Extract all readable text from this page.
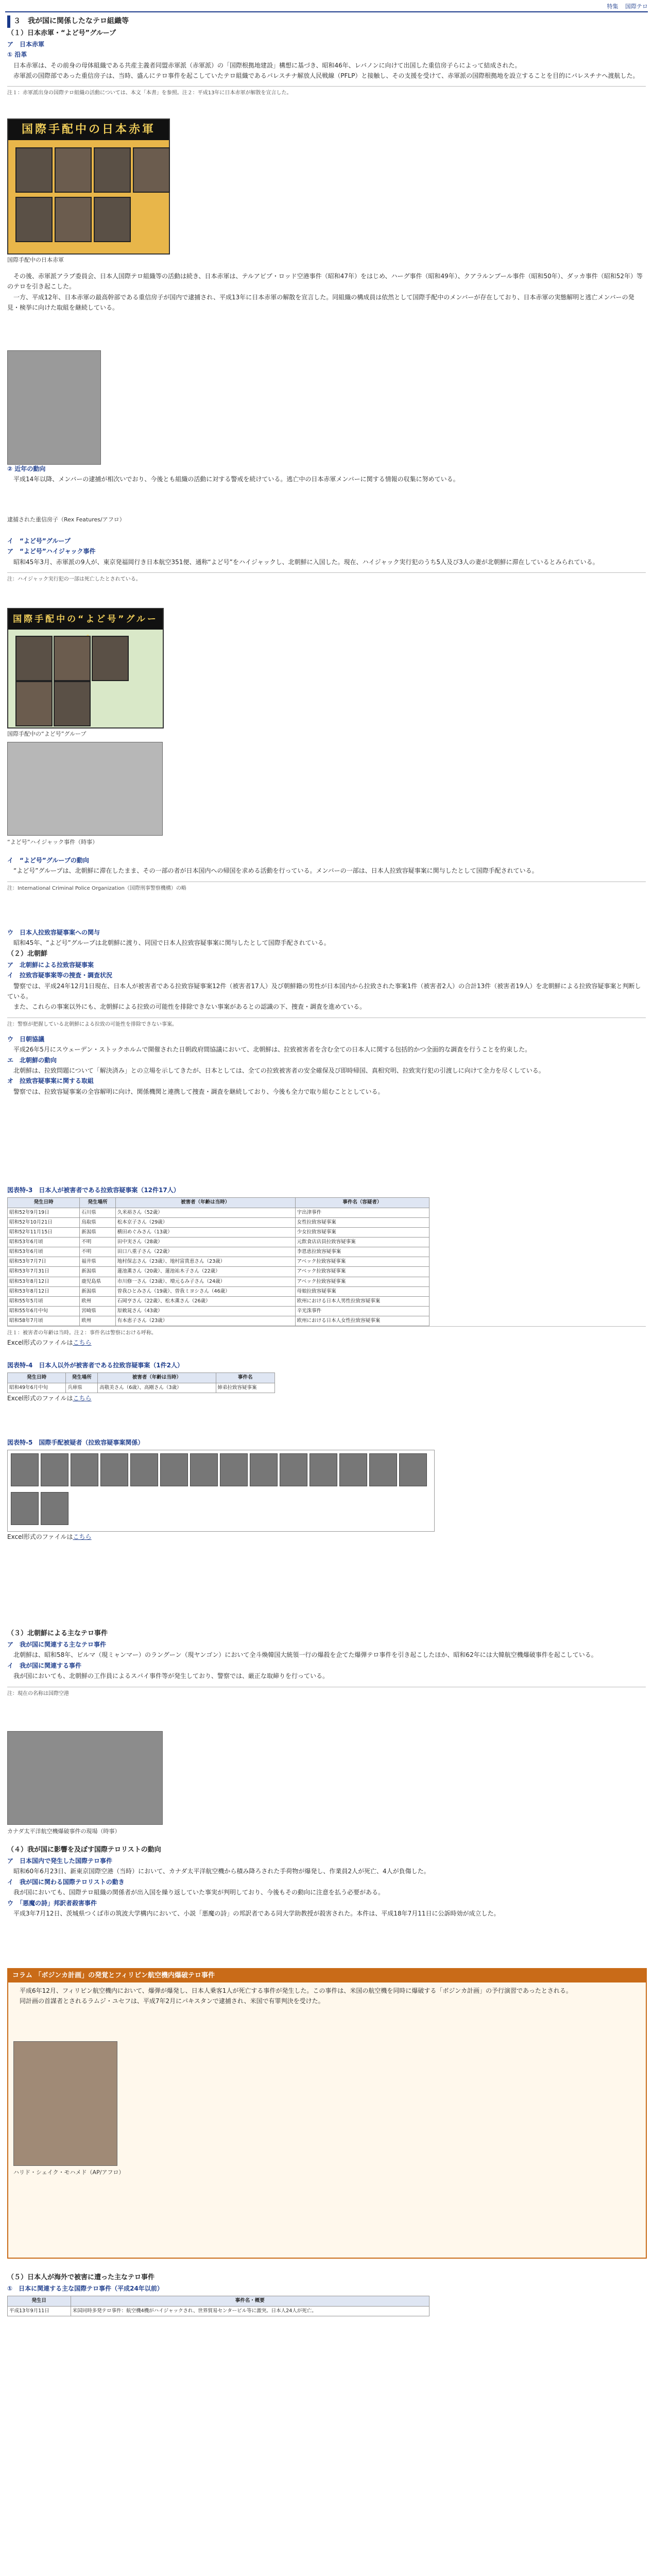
特集 国際テロ

３　我が国に関係したなテロ組織等

（１）日本赤軍・“よど号”グループ

ア　日本赤軍

① 沿革

日本赤軍は、その前身の母体組織である共産主義者同盟赤軍派（赤軍派）の「国際根拠地建設」構想に基づき、昭和46年、レバノンに向けて出国した重信房子らによって結成された。

赤軍派の国際部であった重信房子は、当時、盛んにテロ事件を起こしていたテロ組織であるパレスチナ解放人民戦線（PFLP）と接触し、その支援を受けて、赤軍派の国際根拠地を設立することを目的にパレスチナへ渡航した。

注１：赤軍派出身の国際テロ組織の活動については、本文「本書」を参照。注２：平成13年に日本赤軍が解散を宣言した。

国際手配中の日本赤軍
国際手配中の日本赤軍

その後、赤軍派アラブ委員会、日本人国際テロ組織等の活動は続き、日本赤軍は、テルアビブ・ロッド空港事件（昭和47年）をはじめ、ハーグ事件（昭和49年）、クアラルンプール事件（昭和50年）、ダッカ事件（昭和52年）等のテロを引き起こした。

一方、平成12年、日本赤軍の最高幹部である重信房子が国内で逮捕され、平成13年に日本赤軍の解散を宣言した。同組織の構成員は依然として国際手配中のメンバーが存在しており、日本赤軍の実態解明と逃亡メンバーの発見・検挙に向けた取組を継続している。

② 近年の動向

平成14年以降、メンバーの逮捕が相次いでおり、今後とも組織の活動に対する警戒を続けている。逃亡中の日本赤軍メンバーに関する情報の収集に努めている。

逮捕された重信房子（Rex Features/アフロ）

イ　“よど号”グループ

ア　“よど号”ハイジャック事件

昭和45年3月、赤軍派の9人が、東京発福岡行き日本航空351便、通称“よど号”をハイジャックし、北朝鮮に入国した。現在、ハイジャック実行犯のうち5人及び3人の妻が北朝鮮に滞在しているとみられている。

注：ハイジャック実行犯の一部は死亡したとされている。

国際手配中の“よど号”グルー
国際手配中の“よど号”グループ
“よど号”ハイジャック事件（時事）

イ　“よど号”グループの動向

“よど号”グループは、北朝鮮に滞在したまま、その一部の者が日本国内への帰国を求める活動を行っている。メンバーの一部は、日本人拉致容疑事案に関与したとして国際手配されている。

注：International Criminal Police Organization（国際刑事警察機構）の略

ウ　日本人拉致容疑事案への関与

昭和45年、“よど号”グループは北朝鮮に渡り、同国で日本人拉致容疑事案に関与したとして国際手配されている。

（２）北朝鮮

ア　北朝鮮による拉致容疑事案

イ　拉致容疑事案等の捜査・調査状況

警察では、平成24年12月1日現在、日本人が被害者である拉致容疑事案12件（被害者17人）及び朝鮮籍の男性が日本国内から拉致された事案1件（被害者2人）の合計13件（被害者19人）を北朝鮮による拉致容疑事案と判断している。

また、これらの事案以外にも、北朝鮮による拉致の可能性を排除できない事案があるとの認識の下、捜査・調査を進めている。

注：警察が把握している北朝鮮による拉致の可能性を排除できない事案。

ウ　日朝協議

平成26年5月にスウェーデン・ストックホルムで開催された日朝政府間協議において、北朝鮮は、拉致被害者を含む全ての日本人に関する包括的かつ全面的な調査を行うことを約束した。

エ　北朝鮮の動向

北朝鮮は、拉致問題について「解決済み」との立場を示してきたが、日本としては、全ての拉致被害者の安全確保及び即時帰国、真相究明、拉致実行犯の引渡しに向けて全力を尽くしている。

オ　拉致容疑事案に関する取組

警察では、拉致容疑事案の全容解明に向け、関係機関と連携して捜査・調査を継続しており、今後も全力で取り組むこととしている。

図表特-3　日本人が被害者である拉致容疑事案（12件17人）
発生日時	発生場所	被害者（年齢は当時）	事件名（容疑者）
昭和52年9月19日	石川県	久米裕さん（52歳）	宇出津事件
昭和52年10月21日	鳥取県	松本京子さん（29歳）	女性拉致容疑事案
昭和52年11月15日	新潟県	横田めぐみさん（13歳）	少女拉致容疑事案
昭和53年6月頃	不明	田中実さん（28歳）	元飲食店店員拉致容疑事案
昭和53年6月頃	不明	田口八重子さん（22歳）	李恩恵拉致容疑事案
昭和53年7月7日	福井県	地村保志さん（23歳）、地村富貴恵さん（23歳）	アベック拉致容疑事案
昭和53年7月31日	新潟県	蓮池薫さん（20歳）、蓮池祐木子さん（22歳）	アベック拉致容疑事案
昭和53年8月12日	鹿児島県	市川修一さん（23歳）、増元るみ子さん（24歳）	アベック拉致容疑事案
昭和53年8月12日	新潟県	曽我ひとみさん（19歳）、曽我ミヨシさん（46歳）	母娘拉致容疑事案
昭和55年5月頃	欧州	石岡亨さん（22歳）、松木薫さん（26歳）	欧州における日本人男性拉致容疑事案
昭和55年6月中旬	宮崎県	原敕晁さん（43歳）	辛光洙事件
昭和58年7月頃	欧州	有本恵子さん（23歳）	欧州における日本人女性拉致容疑事案
注１：被害者の年齢は当時。注２：事件名は警察における呼称。
Excel形式のファイルはこちら
図表特-4　日本人以外が被害者である拉致容疑事案（1件2人）
発生日時	発生場所	被害者（年齢は当時）	事件名
昭和49年6月中旬	兵庫県	高敬美さん（6歳）、高剛さん（3歳）	姉弟拉致容疑事案
Excel形式のファイルはこちら
図表特-5　国際手配被疑者（拉致容疑事案関係）
Excel形式のファイルはこちら

（３）北朝鮮による主なテロ事件

ア　我が国に関連する主なテロ事件

北朝鮮は、昭和58年、ビルマ（現ミャンマー）のラングーン（現ヤンゴン）において全斗煥韓国大統領一行の爆殺を企てた爆弾テロ事件を引き起こしたほか、昭和62年には大韓航空機爆破事件を起こしている。

イ　我が国に関連する事件

我が国においても、北朝鮮の工作員によるスパイ事件等が発生しており、警察では、厳正な取締りを行っている。

注：現在の名称は国際空港

カナダ太平洋航空機爆破事件の現場（時事）

（４）我が国に影響を及ぼす国際テロリストの動向

ア　日本国内で発生した国際テロ事件

昭和60年6月23日、新東京国際空港（当時）において、カナダ太平洋航空機から積み降ろされた手荷物が爆発し、作業員2人が死亡、4人が負傷した。

イ　我が国に関わる国際テロリストの動き

我が国においても、国際テロ組織の関係者が出入国を繰り返していた事実が判明しており、今後もその動向に注意を払う必要がある。

ウ　「悪魔の詩」邦訳者殺害事件

平成3年7月12日、茨城県つくば市の筑波大学構内において、小説「悪魔の詩」の邦訳者である同大学助教授が殺害された。本件は、平成18年7月11日に公訴時効が成立した。

コラム 「ボジンカ計画」の発覚とフィリピン航空機内爆破テロ事件

平成6年12月、フィリピン航空機内において、爆弾が爆発し、日本人乗客1人が死亡する事件が発生した。この事件は、米国の航空機を同時に爆破する「ボジンカ計画」の予行演習であったとされる。

同計画の首謀者とされるラムジ・ユセフは、平成7年2月にパキスタンで逮捕され、米国で有罪判決を受けた。

ハリド・シェイク・モハメド（AP/アフロ）

（５）日本人が海外で被害に遭った主なテロ事件

①　日本に関連する主な国際テロ事件（平成24年以前）

発生日	事件名・概要
平成13年9月11日	米国同時多発テロ事件：航空機4機がハイジャックされ、世界貿易センタービル等に激突。日本人24人が死亡。
